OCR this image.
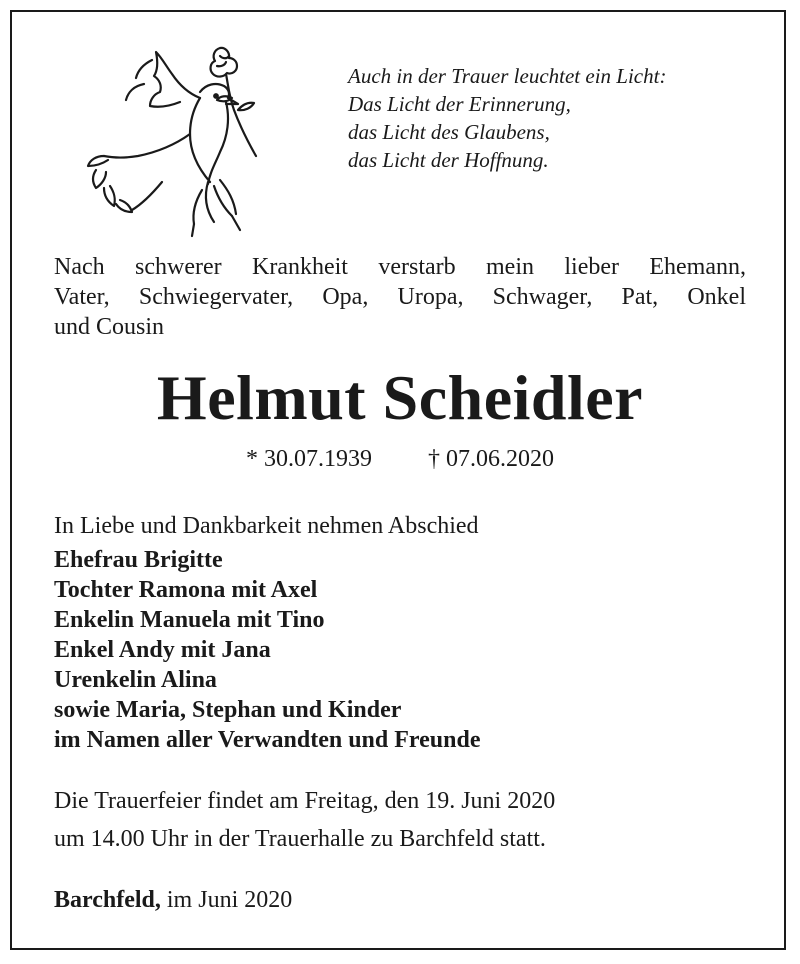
Auch in der Trauer leuchtet ein Licht:
Das Licht der Erinnerung,
das Licht des Glaubens,
das Licht der Hoffnung.
Nach schwerer Krankheit verstarb mein lieber Ehemann,
Vater, Schwiegervater, Opa, Uropa, Schwager, Pat, Onkel
und Cousin
Helmut Scheidler
* 30.07.1939 † 07.06.2020
In Liebe und Dankbarkeit nehmen Abschied
Ehefrau Brigitte
Tochter Ramona mit Axel
Enkelin Manuela mit Tino
Enkel Andy mit Jana
Urenkelin Alina
sowie Maria, Stephan und Kinder
im Namen aller Verwandten und Freunde
Die Trauerfeier findet am Freitag, den 19. Juni 2020
um 14.00 Uhr in der Trauerhalle zu Barchfeld statt.
Barchfeld, im Juni 2020
